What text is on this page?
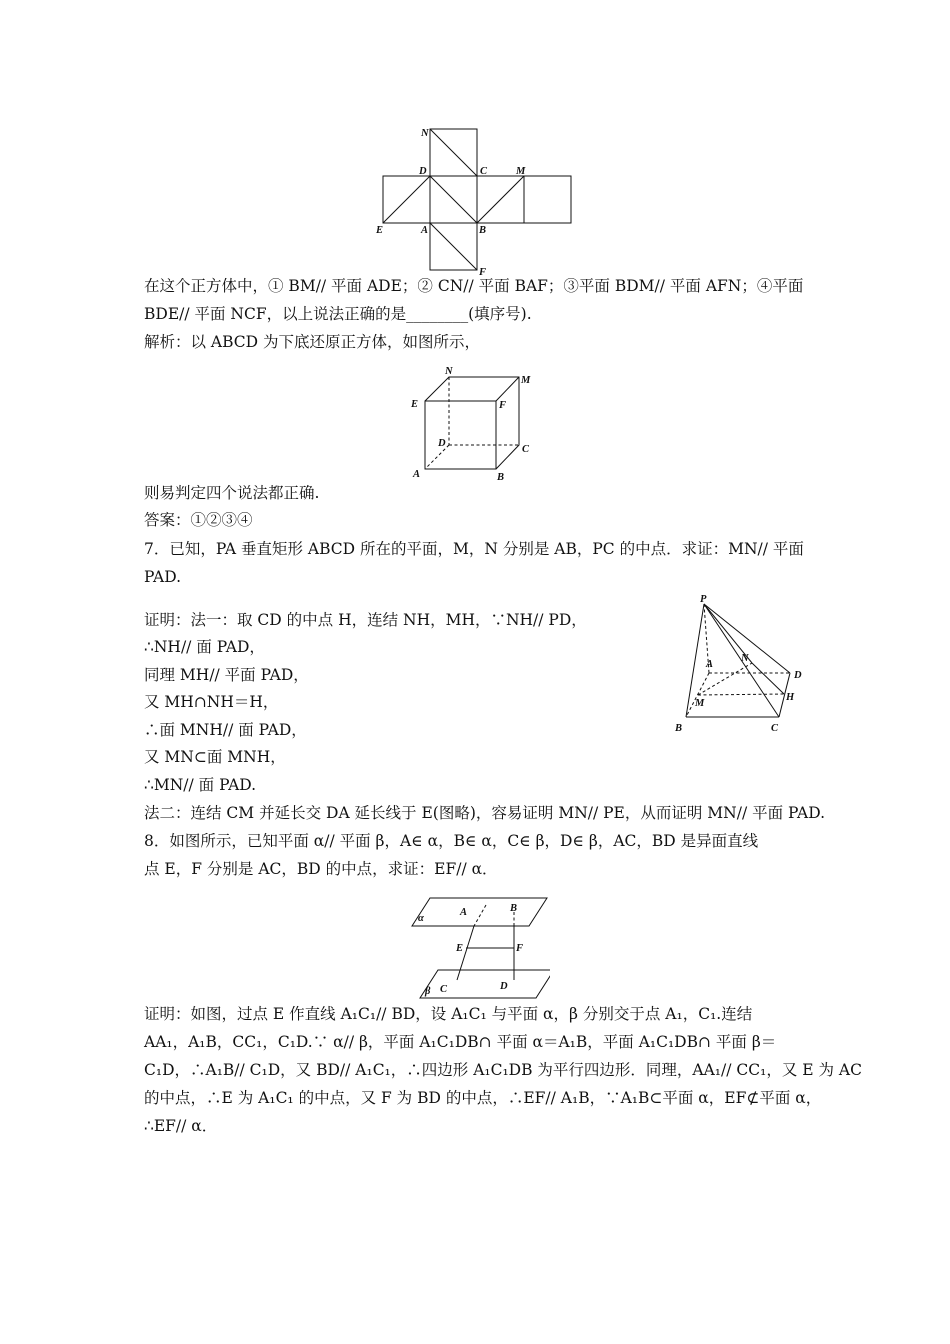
N
D	C	M
E	A	B
F
N
M
E	F
D
C
A	B
P
A
N
D
H
M
B	C
α
A	B
E	F
C	D
β
在这个正方体中，① BM// 平面 ADE；② CN// 平面 BAF；③平面 BDM// 平面 AFN；④平面
BDE// 平面 NCF，以上说法正确的是________(填序号).
解析：以 ABCD 为下底还原正方体，如图所示，
则易判定四个说法都正确.
答案：①②③④
7．已知，PA 垂直矩形 ABCD 所在的平面，M，N 分别是 AB，PC 的中点．求证：MN// 平面
PAD.
证明：法一：取 CD 的中点 H，连结 NH，MH，∵NH// PD，
∴NH// 面 PAD，
同理 MH// 平面 PAD，
又 MH∩NH＝H，
∴面 MNH// 面 PAD，
又 MN⊂面 MNH，
∴MN// 面 PAD.
法二：连结 CM 并延长交 DA 延长线于 E(图略)，容易证明 MN// PE，从而证明 MN// 平面 PAD.
8．如图所示，已知平面 α// 平面 β，A∈ α，B∈ α，C∈ β，D∈ β，AC，BD 是异面直线
点 E，F 分别是 AC，BD 的中点，求证：EF// α．
证明：如图，过点 E 作直线 A₁C₁// BD，设 A₁C₁ 与平面 α，β 分别交于点 A₁，C₁.连结
AA₁，A₁B，CC₁，C₁D.∵ α// β，平面 A₁C₁DB∩ 平面 α＝A₁B，平面 A₁C₁DB∩ 平面 β＝
C₁D，∴A₁B// C₁D，又 BD// A₁C₁，∴四边形 A₁C₁DB 为平行四边形．同理，AA₁// CC₁，又 E 为 AC
的中点，∴E 为 A₁C₁ 的中点，又 F 为 BD 的中点，∴EF// A₁B，∵A₁B⊂平面 α，EF⊄平面 α，
∴EF// α．
